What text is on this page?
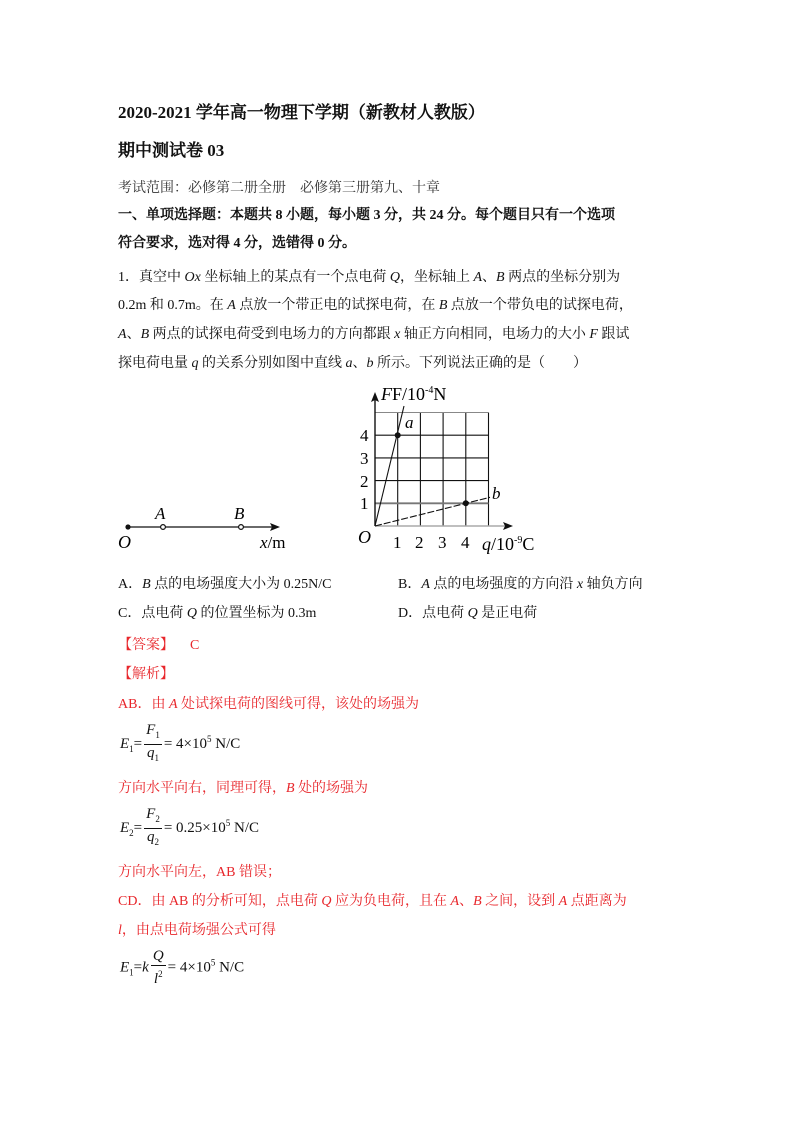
2020-2021 学年高一物理下学期（新教材人教版）
期中测试卷 03
考试范围：必修第二册全册　必修第三册第九、十章
一、单项选择题：本题共 8 小题，每小题 3 分，共 24 分。每个题目只有一个选项
符合要求，选对得 4 分，选错得 0 分。
1．真空中 Ox 坐标轴上的某点有一个点电荷 Q，坐标轴上 A、B 两点的坐标分别为
0.2m 和 0.7m。在 A 点放一个带正电的试探电荷，在 B 点放一个带负电的试探电荷，
A、B 两点的试探电荷受到电场力的方向都跟 x 轴正方向相同，电场力的大小 F 跟试
探电荷电量 q 的关系分别如图中直线 a、b 所示。下列说法正确的是（　　）
O
A	B
x/m
a
b
$FF/10^{-4}N$
$q/10^{-9}C$
O
4
3
2
1
1 2 3 4
A．B 点的电场强度大小为 0.25N/C	B．A 点的电场强度的方向沿 x 轴负方向
C．点电荷 Q 的位置坐标为 0.3m	D．点电荷 Q 是正电荷
【答案】 C
【解析】
AB．由 A 处试探电荷的图线可得，该处的场强为
$E_1= \frac{F_1}{q_1} = 4\times 10^5$ N/C
方向水平向右，同理可得，B 处的场强为
$E_2= \frac{F_2}{q_2} = 0.25\times 10^5$ N/C
方向水平向左，AB 错误；
CD．由 AB 的分析可知，点电荷 Q 应为负电荷，且在 A、B 之间，设到 A 点距离为
l，由点电荷场强公式可得
$E_1=k \frac{Q}{l^2} = 4\times 10^5$ N/C
